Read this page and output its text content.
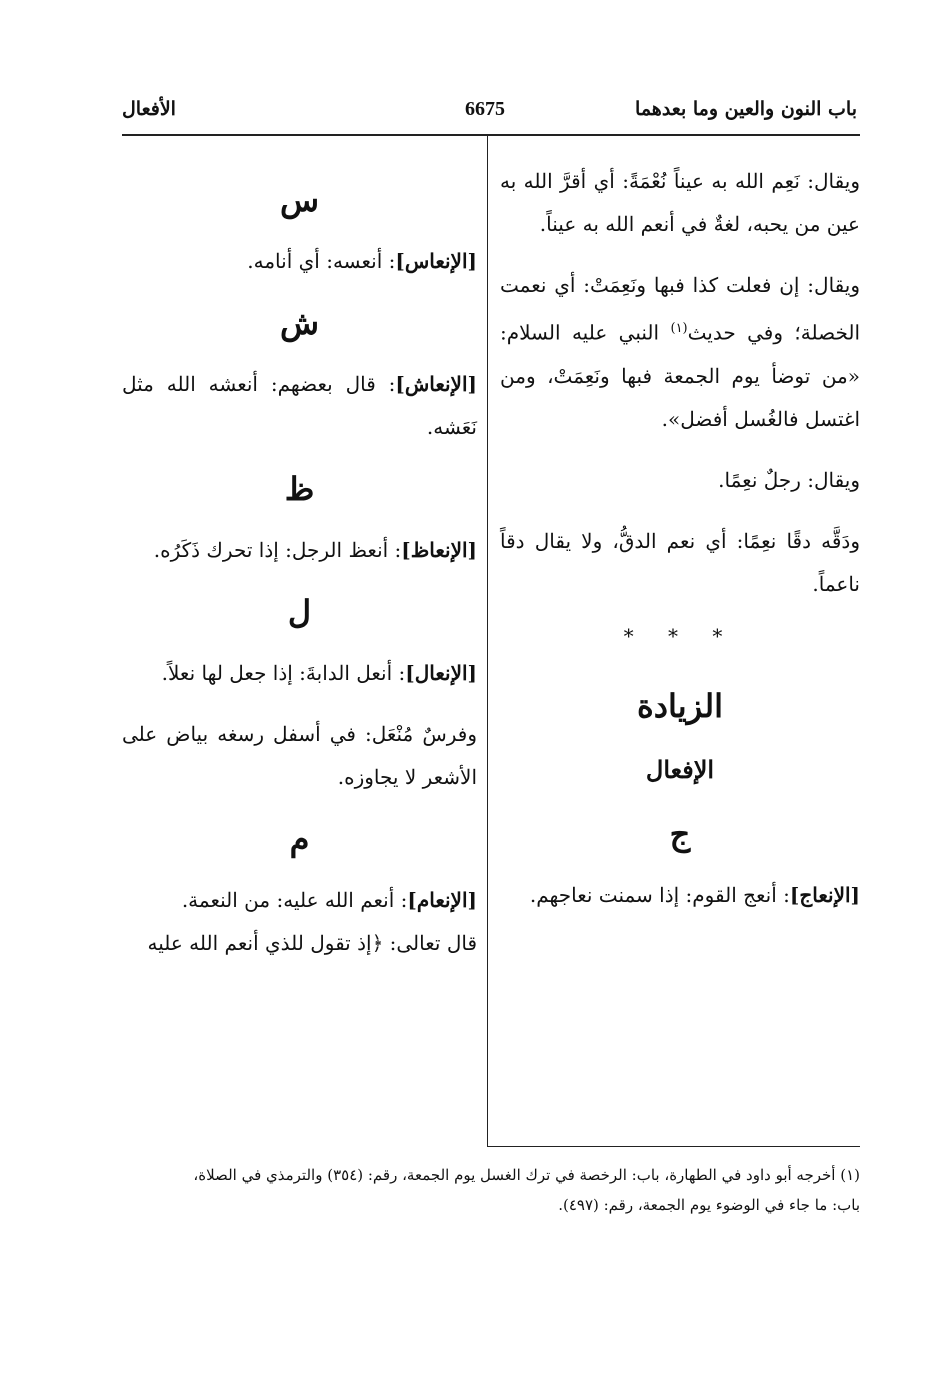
باب النون والعين وما بعدهما
6675
الأفعال

ويقال: نَعِم الله به عيناً نُعْمَةً: أي أقرَّ الله به عين من يحبه، لغةٌ في أنعم الله به عيناً.

ويقال: إن فعلت كذا فبها ونَعِمَتْ: أي نعمت الخصلة؛ وفي حديث$^{(١)}$ النبي عليه السلام: «من توضأ يوم الجمعة فبها ونَعِمَتْ، ومن اغتسل فالغُسل أفضل».

ويقال: رجلٌ نعِمًا.

ودَقَّه دقًا نعِمًا: أي نعم الدقُّ، ولا يقال دقاً ناعماً.

* * *
الزيادة
الإفعال
ج

[الإنعاج]: أنعج القوم: إذا سمنت نعاجهم.

س

[الإنعاس]: أنعسه: أي أنامه.

ش

[الإنعاش]: قال بعضهم: أنعشه الله مثل نَعَشه.

ظ

[الإنعاظ]: أنعظ الرجل: إذا تحرك ذَكَرُه.

ل

[الإنعال]: أنعل الدابةَ: إذا جعل لها نعلاً.

وفرسٌ مُنْعَل: في أسفل رسغه بياض على الأشعر لا يجاوزه.

م

[الإنعام]: أنعم الله عليه: من النعمة.

قال تعالى: ﴿إذ تقول للذي أنعم الله عليه

(١) أخرجه أبو داود في الطهارة، باب: الرخصة في ترك الغسل يوم الجمعة، رقم: (٣٥٤) والترمذي في الصلاة،

باب: ما جاء في الوضوء يوم الجمعة، رقم: (٤٩٧).
